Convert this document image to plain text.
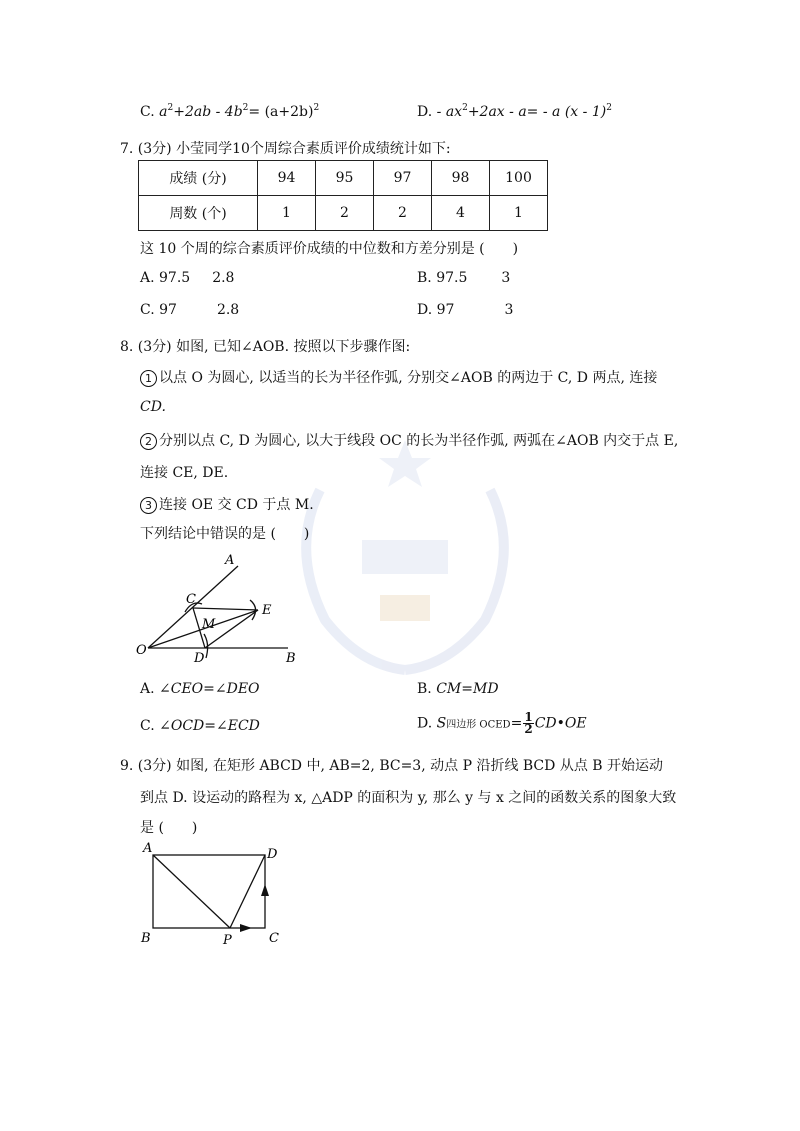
C. $a^2+2ab - 4b^2= (a+2b)^2$	D. - $ax^2+2ax - a= - a$ (x - 1)$^2$
7. (3分) 小莹同学10个周综合素质评价成绩统计如下:
成绩 (分)	94	95	97	98	100
周数 (个)	1	2	2	4	1
这 10 个周的综合素质评价成绩的中位数和方差分别是 (　　)
A. 97.5 2.8	B. 97.5 3
C. 97	2.8	D. 97	3
8. (3分) 如图, 已知∠AOB. 按照以下步骤作图:
1 以点 O 为圆心, 以适当的长为半径作弧, 分别交∠AOB 的两边于 C, D 两点, 连接
CD.
2 分别以点 C, D 为圆心, 以大于线段 OC 的长为半径作弧, 两弧在∠AOB 内交于点 E,
连接 CE, DE.
3 连接 OE 交 CD 于点 M.
下列结论中错误的是 (　　)
A
C
E
M
O
D	B
A. ∠CEO=∠DEO	B. CM=MD
C. ∠OCD=∠ECD	D. S四边形 OCED= $\frac{1}{2}$ CD•OE
9. (3分) 如图, 在矩形 ABCD 中, AB=2, BC=3, 动点 P 沿折线 BCD 从点 B 开始运动
到点 D. 设运动的路程为 x, △ADP 的面积为 y, 那么 y 与 x 之间的函数关系的图象大致
是 (　　)
A	D
B	P	C
